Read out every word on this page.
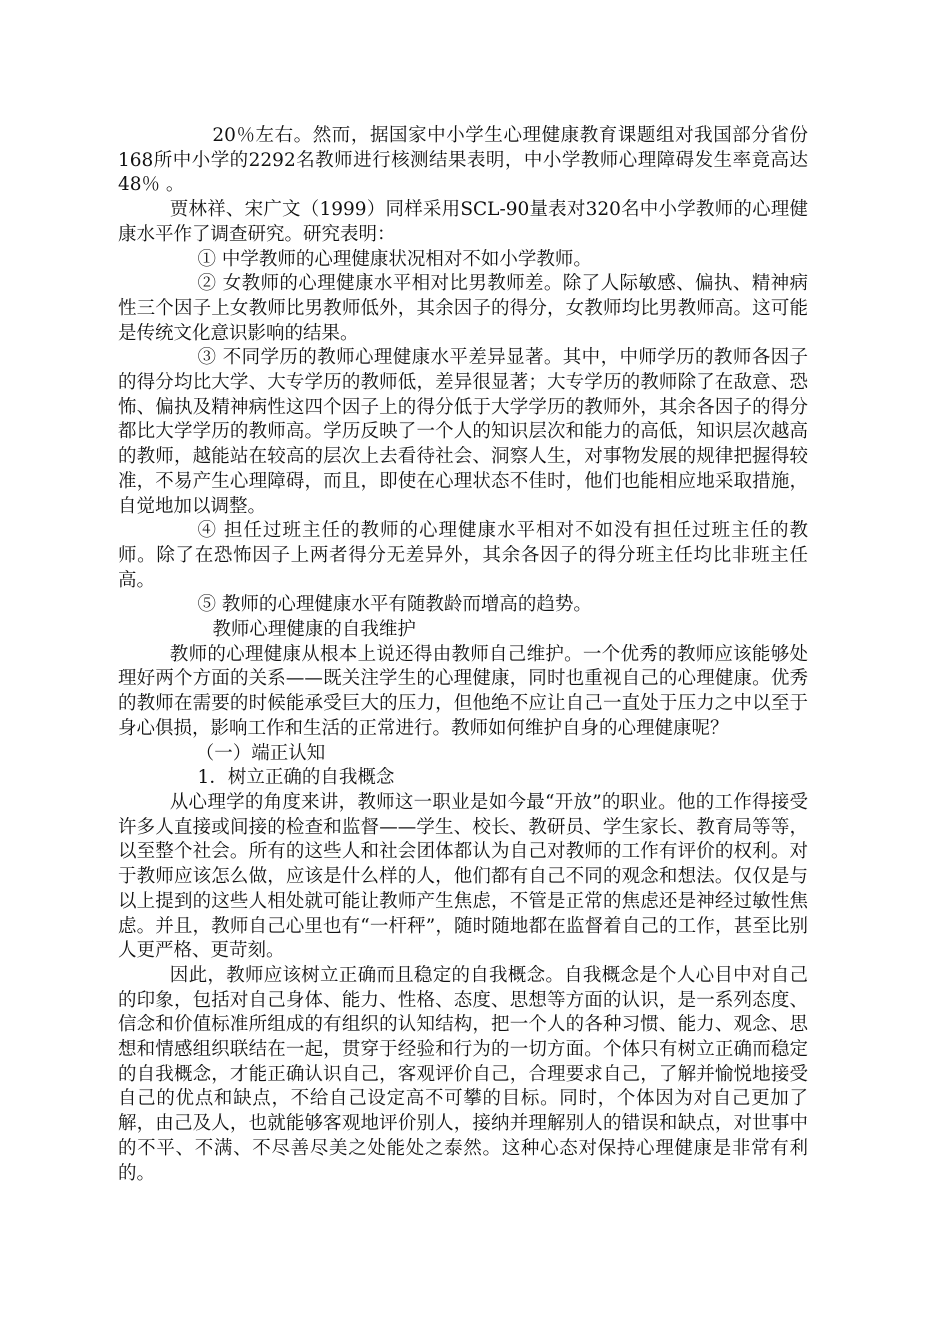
20％左右。然而，据国家中小学生心理健康教育课题组对我国部分省份168所中小学的2292名教师进行核测结果表明，中小学教师心理障碍发生率竟高达48％ 。

贾林祥、宋广文（1999）同样采用SCL-90量表对320名中小学教师的心理健康水平作了调查研究。研究表明：

① 中学教师的心理健康状况相对不如小学教师。

② 女教师的心理健康水平相对比男教师差。除了人际敏感、偏执、精神病性三个因子上女教师比男教师低外，其余因子的得分，女教师均比男教师高。这可能是传统文化意识影响的结果。

③ 不同学历的教师心理健康水平差异显著。其中，中师学历的教师各因子的得分均比大学、大专学历的教师低，差异很显著；大专学历的教师除了在敌意、恐怖、偏执及精神病性这四个因子上的得分低于大学学历的教师外，其余各因子的得分都比大学学历的教师高。学历反映了一个人的知识层次和能力的高低，知识层次越高的教师，越能站在较高的层次上去看待社会、洞察人生，对事物发展的规律把握得较准，不易产生心理障碍，而且，即使在心理状态不佳时，他们也能相应地采取措施，自觉地加以调整。

④ 担任过班主任的教师的心理健康水平相对不如没有担任过班主任的教师。除了在恐怖因子上两者得分无差异外，其余各因子的得分班主任均比非班主任高。

⑤ 教师的心理健康水平有随教龄而增高的趋势。

教师心理健康的自我维护

教师的心理健康从根本上说还得由教师自己维护。一个优秀的教师应该能够处理好两个方面的关系——既关注学生的心理健康，同时也重视自己的心理健康。优秀的教师在需要的时候能承受巨大的压力，但他绝不应让自己一直处于压力之中以至于身心俱损，影响工作和生活的正常进行。教师如何维护自身的心理健康呢？

（一）端正认知

1．树立正确的自我概念

从心理学的角度来讲，教师这一职业是如今最“开放”的职业。他的工作得接受许多人直接或间接的检查和监督——学生、校长、教研员、学生家长、教育局等等，以至整个社会。所有的这些人和社会团体都认为自己对教师的工作有评价的权利。对于教师应该怎么做，应该是什么样的人，他们都有自己不同的观念和想法。仅仅是与以上提到的这些人相处就可能让教师产生焦虑，不管是正常的焦虑还是神经过敏性焦虑。并且，教师自己心里也有“一杆秤”，随时随地都在监督着自己的工作，甚至比别人更严格、更苛刻。

因此，教师应该树立正确而且稳定的自我概念。自我概念是个人心目中对自己的印象，包括对自己身体、能力、性格、态度、思想等方面的认识，是一系列态度、信念和价值标准所组成的有组织的认知结构，把一个人的各种习惯、能力、观念、思想和情感组织联结在一起，贯穿于经验和行为的一切方面。个体只有树立正确而稳定的自我概念，才能正确认识自己，客观评价自己，合理要求自己，了解并愉悦地接受自己的优点和缺点，不给自己设定高不可攀的目标。同时，个体因为对自己更加了解，由己及人，也就能够客观地评价别人，接纳并理解别人的错误和缺点，对世事中的不平、不满、不尽善尽美之处能处之泰然。这种心态对保持心理健康是非常有利的。
